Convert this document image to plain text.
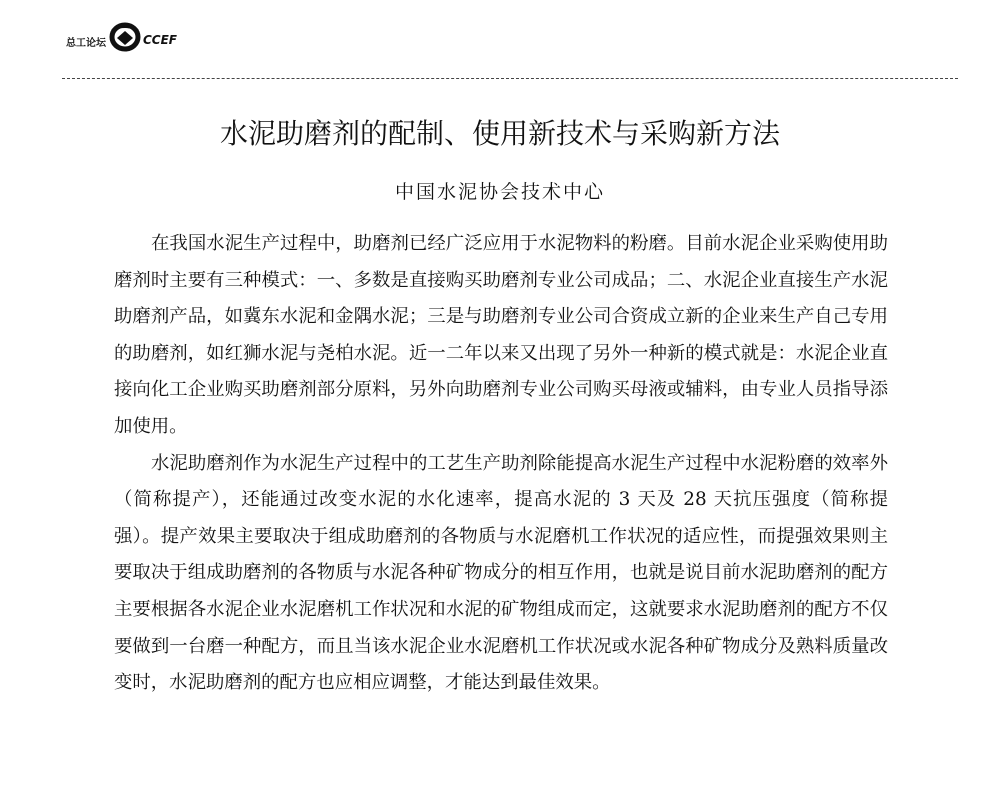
总工论坛	CCEF
水泥助磨剂的配制、使用新技术与采购新方法
中国水泥协会技术中心

在我国水泥生产过程中，助磨剂已经广泛应用于水泥物料的粉磨。目前水泥企业采购使用助磨剂时主要有三种模式：一、多数是直接购买助磨剂专业公司成品；二、水泥企业直接生产水泥助磨剂产品，如冀东水泥和金隅水泥；三是与助磨剂专业公司合资成立新的企业来生产自己专用的助磨剂，如红狮水泥与尧柏水泥。近一二年以来又出现了另外一种新的模式就是：水泥企业直接向化工企业购买助磨剂部分原料，另外向助磨剂专业公司购买母液或辅料，由专业人员指导添加使用。

水泥助磨剂作为水泥生产过程中的工艺生产助剂除能提高水泥生产过程中水泥粉磨的效率外（简称提产），还能通过改变水泥的水化速率，提高水泥的 3 天及 28 天抗压强度（简称提强）。提产效果主要取决于组成助磨剂的各物质与水泥磨机工作状况的适应性，而提强效果则主要取决于组成助磨剂的各物质与水泥各种矿物成分的相互作用，也就是说目前水泥助磨剂的配方主要根据各水泥企业水泥磨机工作状况和水泥的矿物组成而定，这就要求水泥助磨剂的配方不仅要做到一台磨一种配方，而且当该水泥企业水泥磨机工作状况或水泥各种矿物成分及熟料质量改变时，水泥助磨剂的配方也应相应调整，才能达到最佳效果。
